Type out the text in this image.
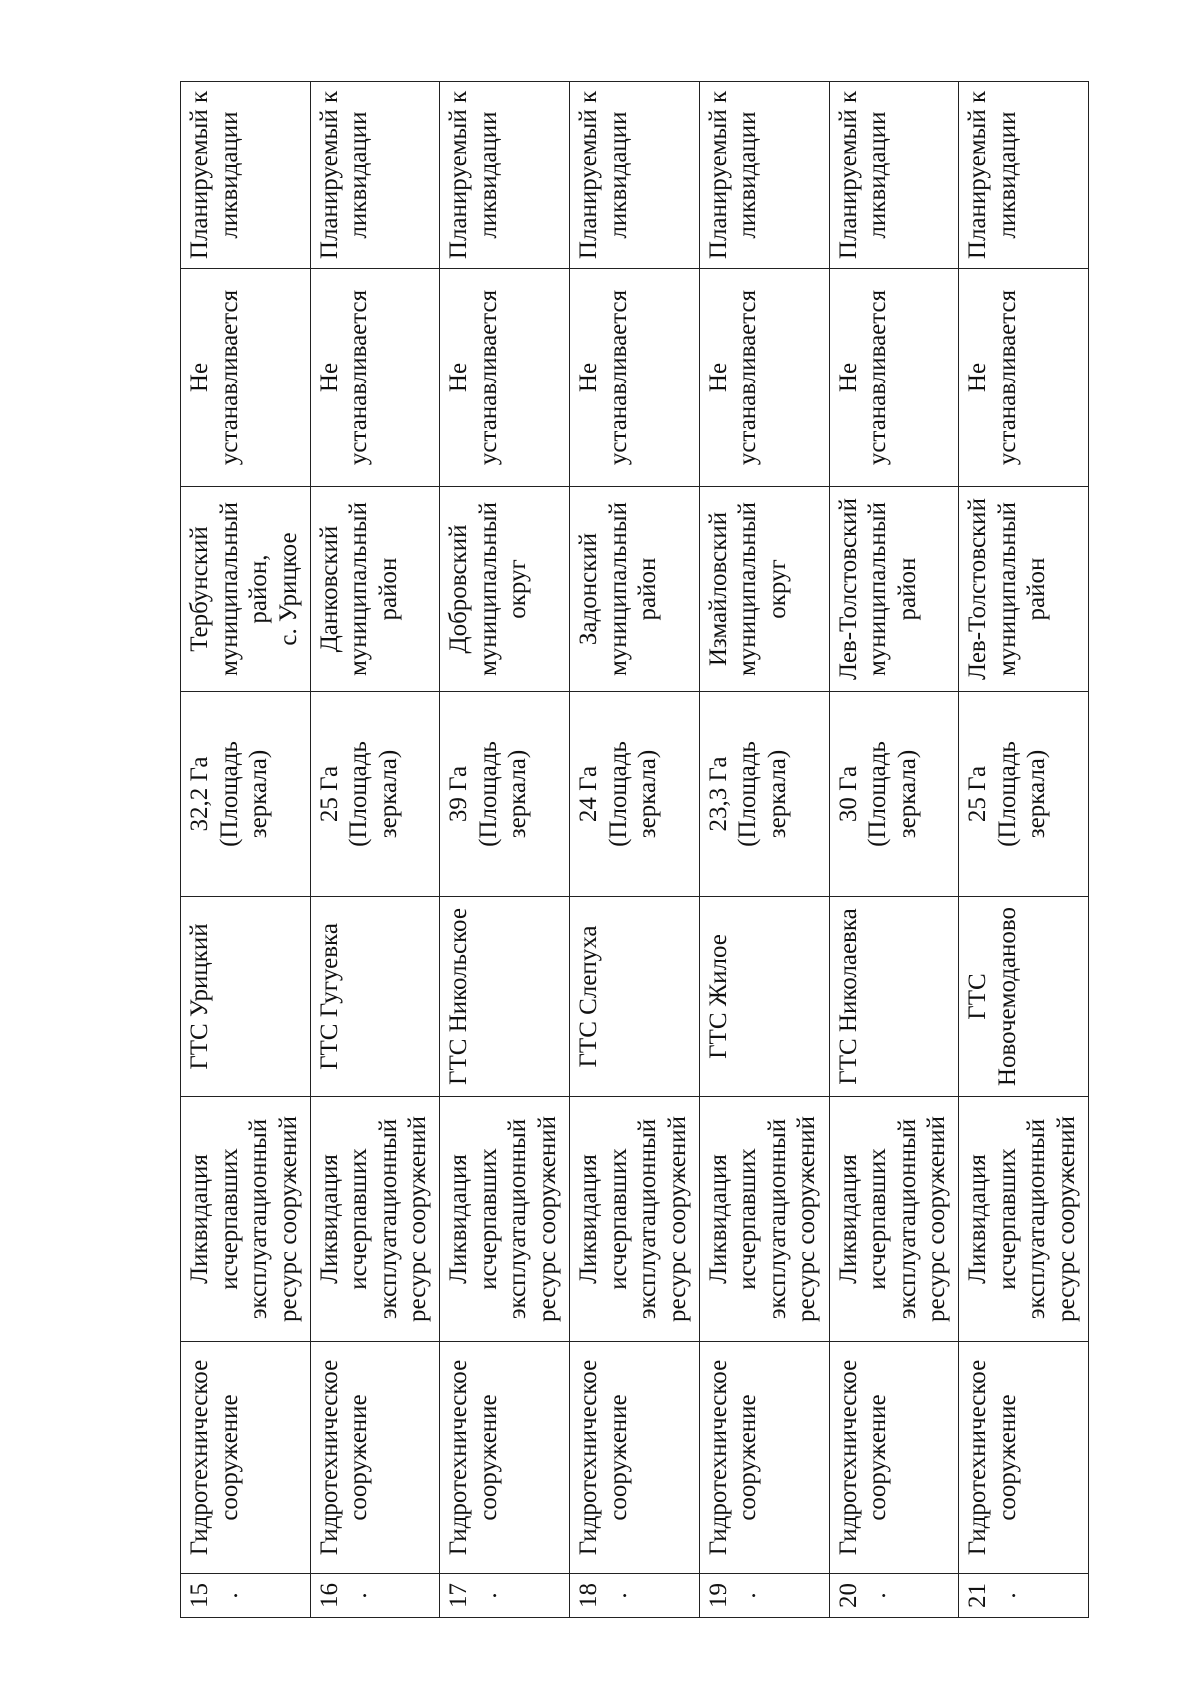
15.	Гидротехническое сооружение	Ликвидация исчерпавших эксплуатационный ресурс сооружений	ГТС Урицкий	32,2 Га (Площадь зеркала)	Тербунский муниципальный район, с. Урицкое	Не устанавливается	Планируемый к ликвидации

16.	Гидротехническое сооружение	Ликвидация исчерпавших эксплуатационный ресурс сооружений	ГТС Гугуевка	25 Га (Площадь зеркала)	Данковский муниципальный район	Не устанавливается	Планируемый к ликвидации

17.	Гидротехническое сооружение	Ликвидация исчерпавших эксплуатационный ресурс сооружений	ГТС Никольское	39 Га (Площадь зеркала)	Добровский муниципальный округ	Не устанавливается	Планируемый к ликвидации

18.	Гидротехническое сооружение	Ликвидация исчерпавших эксплуатационный ресурс сооружений	ГТС Слепуха	24 Га (Площадь зеркала)	Задонский муниципальный район	Не устанавливается	Планируемый к ликвидации

19.	Гидротехническое сооружение	Ликвидация исчерпавших эксплуатационный ресурс сооружений	ГТС Жилое	23,3 Га (Площадь зеркала)	Измайловский муниципальный округ	Не устанавливается	Планируемый к ликвидации

20.	Гидротехническое сооружение	Ликвидация исчерпавших эксплуатационный ресурс сооружений	ГТС Николаевка	30 Га (Площадь зеркала)	Лев-Толстовский муниципальный район	Не устанавливается	Планируемый к ликвидации

21.	Гидротехническое сооружение	Ликвидация исчерпавших эксплуатационный ресурс сооружений	ГТС Новочемоданово	25 Га (Площадь зеркала)	Лев-Толстовский муниципальный район	Не устанавливается	Планируемый к ликвидации
